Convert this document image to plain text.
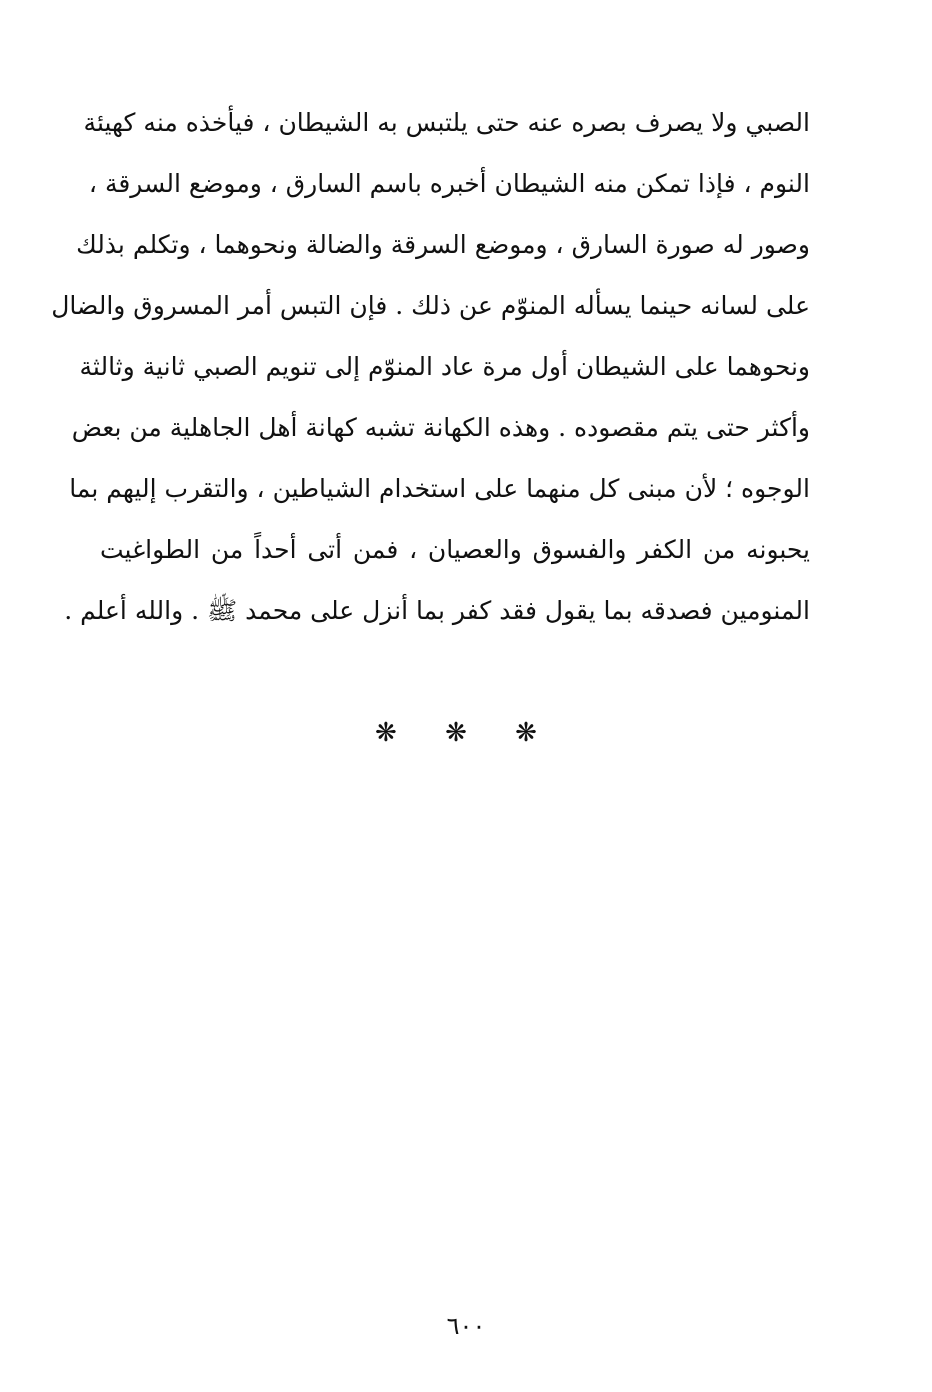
الصبي ولا يصرف بصره عنه حتى يلتبس به الشيطان ، فيأخذه منه كهيئة
النوم ، فإذا تمكن منه الشيطان أخبره باسم السارق ، وموضع السرقة ،
وصور له صورة السارق ، وموضع السرقة والضالة ونحوهما ، وتكلم بذلك
على لسانه حينما يسأله المنوّم عن ذلك . فإن التبس أمر المسروق والضال
ونحوهما على الشيطان أول مرة عاد المنوّم إلى تنويم الصبي ثانية وثالثة
وأكثر حتى يتم مقصوده . وهذه الكهانة تشبه كهانة أهل الجاهلية من بعض
الوجوه ؛ لأن مبنى كل منهما على استخدام الشياطين ، والتقرب إليهم بما
يحبونه من الكفر والفسوق والعصيان ، فمن أتى أحداً من الطواغيت
المنومين فصدقه بما يقول فقد كفر بما أنزل على محمد ﷺ . والله أعلم .
❋ ❋ ❋
٦٠٠
